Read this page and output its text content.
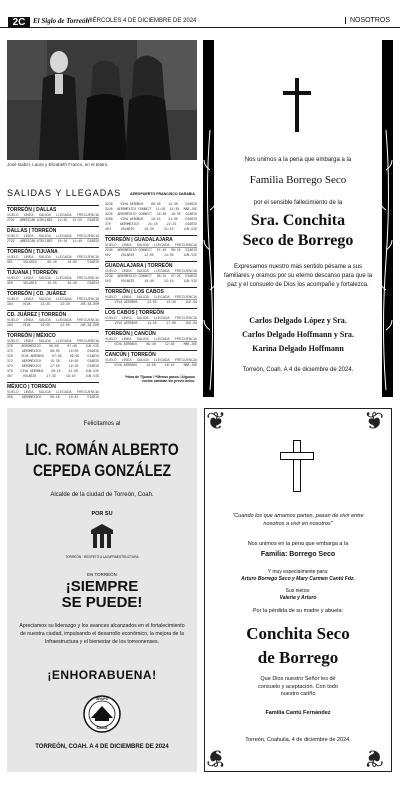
2C	El Siglo de Torreón
MIÉRCOLES 4 DE DICIEMBRE DE 2024	NOSOTROS
José Isabel, Laura y Elizabeth Franco, en el teatro.
SALIDAS Y LLEGADAS AEROPUERTO FRANCISCO SARABIA
TORREÓN | DALLAS
VUELO LÍNEA SALIDA LLEGADA FRECUENCIA
2792 AMERICAN AIRLINES 12:35 15:55 DIARIO
DALLAS | TORREÓN
VUELO LÍNEA SALIDA LLEGADA FRECUENCIA
2792 AMERICAN AIRLINES 10:10 11:40 DIARIO
TORREÓN | TIJUANA
VUELO LÍNEA SALIDA LLEGADA FRECUENCIA
401	VOLARIS	09:10	10:05	DIARIO
TIJUANA | TORREÓN
VUELO LÍNEA SALIDA LLEGADA FRECUENCIA
400	VOLARIS	15:55	20:20	DIARIO
TORREÓN | CD. JUÁREZ
VUELO LÍNEA SALIDA LLEGADA FRECUENCIA
184	VIVA	13:25	13:30	JUE-SÁ-DOM
CD. JUÁREZ | TORREÓN
VUELO LÍNEA SALIDA LLEGADA FRECUENCIA
183	VIVA	10:55	12:00	JUE-SÁ-DOM
TORREÓN | MÉXICO
VUELO LÍNEA SALIDA LLEGADA FRECUENCIA
376	AEROMÉXICO	06:00	07:40	LUN-VIE
375	AEROMÉXICO	08:05	10:00	DIARIO
320	VIVA AEROBUS	07:30	09:05	DIARIO
372	AEROMÉXICO	15:35	16:50	DIARIO
373	AEROMÉXICO	17:50	19:20	DIARIO
370 VIVA AEROBUS 20:10 21:30 LUN-VIE
407	VOLARIS	17:35	19:10	LUN-VIE
MÉXICO | TORREÓN
VUELO LÍNEA SALIDA LLEGADA FRECUENCIA
358	AEROMÉXICO	09:10	10:45	DIARIO
3240 VIVA AEROBUS 08:30 12:40 DIARIO
3245 AEROMÉXICO CONNECT 11:50 14:30 MAR-JUE
3235 AEROMÉXICO CONNECT 16:30 18:05 DIARIO
3208 VIVA AEROBUS 19:15 21:00 DIARIO
370	AEROMÉXICO	21:10	22:25	DIARIO
404	VOLARIS	19:20	21:10	LUN-VIE
TORREÓN | GUADALAJARA
VUELO LÍNEA SALIDA LLEGADA FRECUENCIA
2240 AEROMÉXICO CONNECT 07:40 08:55 DIARIO
502	VOLARIS	12:05	14:50	LUN-VIE
GUADALAJARA | TORREÓN
VUELO LÍNEA SALIDA LLEGADA FRECUENCIA
2236 AEROMÉXICO CONNECT 06:10 07:25 DIARIO
503	VOLARIS	10:40	13:10	LUN-VIE
TORREÓN | LOS CABOS
VUELO LÍNEA SALIDA LLEGADA FRECUENCIA
VIVA AEROBUS	12:05	13:30	JUE-SÁ
LOS CABOS | TORREÓN
VUELO LÍNEA SALIDA LLEGADA FRECUENCIA
VIVA AEROBUS	13:50	17:00	JUE-SÁ
TORREÓN | CANCÚN
VUELO LÍNEA SALIDA LLEGADA FRECUENCIA
VIVA AEROBUS	09:40	12:30	MAR-JUE
CANCÚN | TORREÓN
VUELO LÍNEA SALIDA LLEGADA FRECUENCIA
VIVA AEROBUS	13:00	16:10	MAR-JUE
*Hora de Tijuana / **Menos pasos / Algunos vuelos cambian sin previo aviso.
Nos unimos a la pena que embarga a la
Familia Borrego Seco
por el sensible fallecimiento de la
Sra. Conchita
Seco de Borrego
Expresamos nuestro más sentido pésame a sus familiares y oramos por su eterno descanso para que la paz y el consuelo de Dios los acompañe y fortalezca.
Carlos Delgado López y Sra.
Carlos Delgado Hoffmann y Sra.
Karina Delgado Hoffmann
Torreón, Coah. A 4 de diciembre de 2024.
Felicitamos al
LIC. ROMÁN ALBERTO
CEPEDA GONZÁLEZ
Alcalde de la ciudad de Torreón, Coah.
POR SU
TORREÓN · RESPETO A LA INFRAESTRUCTURA
EN TORREÓN
¡SIEMPRE
SE PUEDE!
Apreciamos su liderazgo y los avances alcanzados en el fortalecimiento de nuestra ciudad, impulsando el desarrollo económico, la mejora de la Infraestructura y el bienestar de los torreonenses.
¡ENHORABUENA!
GRUPO
SIMSA
TORREÓN, COAH. A 4 DE DICIEMBRE DE 2024
❦	❦
❦	❦
"Cuando los que amamos parten, pasan de vivir entre nosotros a vivir en nosotros"
Nos unimos en la pena que embarga a la
Familia: Borrego Seco
Y muy especialmente para:
Arturo Borrego Seco y Mary Carmen Cantú Fdz.
Sus nietos:
Valeria y Arturo
Por la pérdida de su madre y abuela:
Conchita Seco
de Borrego
Que Dios nuestro Señor les dé consuelo y aceptación. Con todo nuestro cariño
Familia Cantú Fernández
Torreón, Coahuila, 4 de diciembre de 2024.
